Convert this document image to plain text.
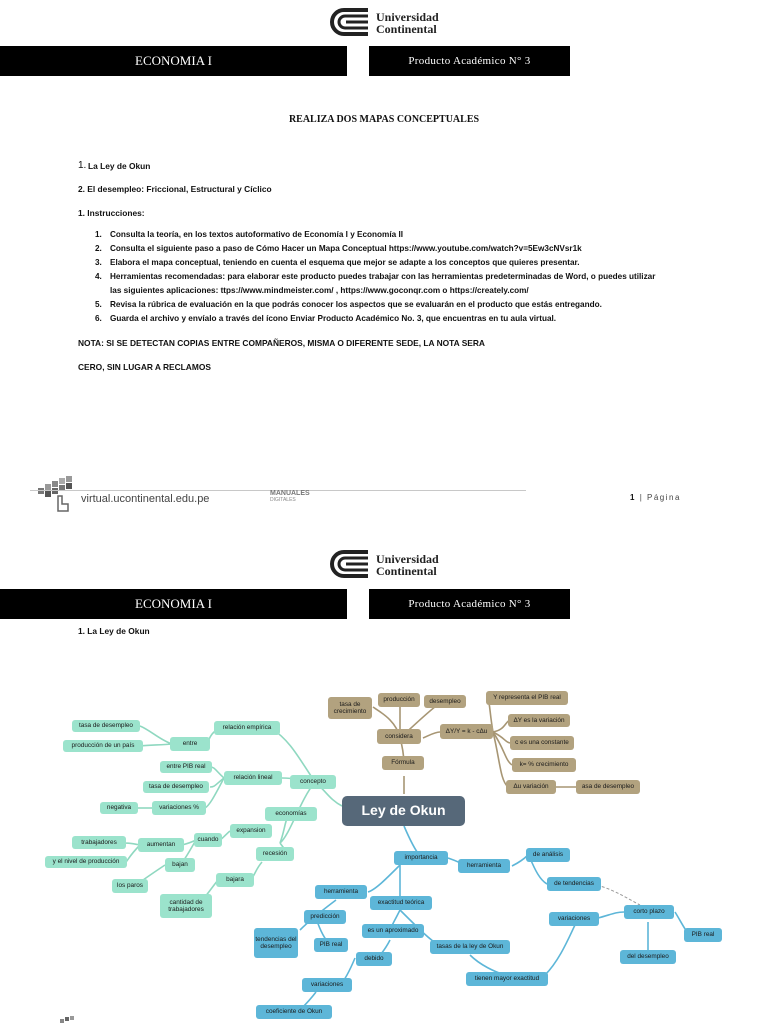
Universidad
Continental
ECONOMIA I	Producto Académico N° 3
REALIZA DOS MAPAS CONCEPTUALES
1. La Ley de Okun
2. El desempleo: Friccional, Estructural y Cíclico
1. Instrucciones:
1. Consulta la teoría, en los textos autoformativo de Economía I y Economía II
2. Consulta el siguiente paso a paso de Cómo Hacer un Mapa Conceptual https://www.youtube.com/watch?v=5Ew3cNVsr1k
3. Elabora el mapa conceptual, teniendo en cuenta el esquema que mejor se adapte a los conceptos que quieres presentar.
4. Herramientas recomendadas: para elaborar este producto puedes trabajar con las herramientas predeterminadas de Word, o puedes utilizar
las siguientes aplicaciones: ttps://www.mindmeister.com/ , https://www.goconqr.com o https://creately.com/
5. Revisa la rúbrica de evaluación en la que podrás conocer los aspectos que se evaluarán en el producto que estás entregando.
6. Guarda el archivo y envíalo a través del ícono Enviar Producto Académico No. 3, que encuentras en tu aula virtual.
NOTA: SI SE DETECTAN COPIAS ENTRE COMPAÑEROS, MISMA O DIFERENTE SEDE, LA NOTA SERA
CERO, SIN LUGAR A RECLAMOS
virtual.ucontinental.edu.pe	MANUALES
DIGITALES	1 | Página
Universidad
Continental
ECONOMIA I	Producto Académico N° 3
1. La Ley de Okun
tasa de desempleo
producción de un país	entre
relación empírica
entre PIB real
tasa de desempleo
relación lineal
negativa	variaciones %
concepto
economías
expansion
trabajadores	aumentan
cuando
y el nivel de producción	bajan
recesión
los paros
bajara
cantidad de trabajadores
tasa de crecimiento
producción	desempleo
considera
ΔY/Y = k - cΔu
Fórmula
Y representa el PIB real
ΔY es la variación
c es una constante
k= % crecimiento
Δu variación	asa de desempleo
Ley de Okun
importancia
herramienta
de análisis
de tendencias
herramienta
exactitud teórica
predicción
tendencias del desempleo	PIB real
es un aproximado
tasas de la ley de Okun
debido
tienen mayor exactitud
variaciones
coeficiente de Okun
variaciones
corto plazo
PIB real
del desempleo
